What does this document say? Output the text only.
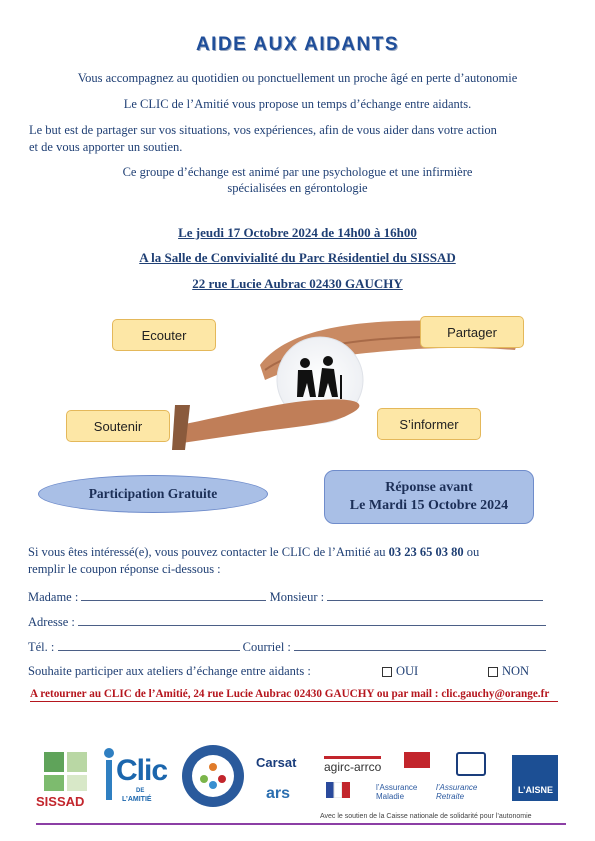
AIDE AUX AIDANTS
Vous accompagnez au quotidien ou ponctuellement un proche âgé en perte d’autonomie
Le CLIC de l’Amitié vous propose un temps d’échange entre aidants.
Le but est de partager sur vos situations, vos expériences, afin de vous aider dans votre action
et de vous apporter un soutien.
Ce groupe d’échange est animé par une psychologue et une infirmière
spécialisées en gérontologie
Le jeudi 17 Octobre 2024 de 14h00 à 16h00
A la Salle de Convivialité du Parc Résidentiel du SISSAD
22 rue Lucie Aubrac 02430 GAUCHY
Ecouter	Partager
Soutenir	S’informer
Participation Gratuite	Réponse avant
Le Mardi 15 Octobre 2024
Si vous êtes intéressé(e), vous pouvez contacter le CLIC de l’Amitié au 03 23 65 03 80 ou
remplir le coupon réponse ci-dessous :
Madame :	Monsieur :
Adresse :
Tél. :	Courriel :
Souhaite participer aux ateliers d’échange entre aidants :	OUI	NON
A retourner au CLIC de l’Amitié, 24 rue Lucie Aubrac 02430 GAUCHY ou par mail : clic.gauchy@orange.fr
SISSAD
Clic
DE
L’AMITIÉ
Carsat
ars
agirc-arrco
l’Assurance Maladie
l’Assurance Retraite
L’AISNE
Avec le soutien de la Caisse nationale de solidarité pour l’autonomie
